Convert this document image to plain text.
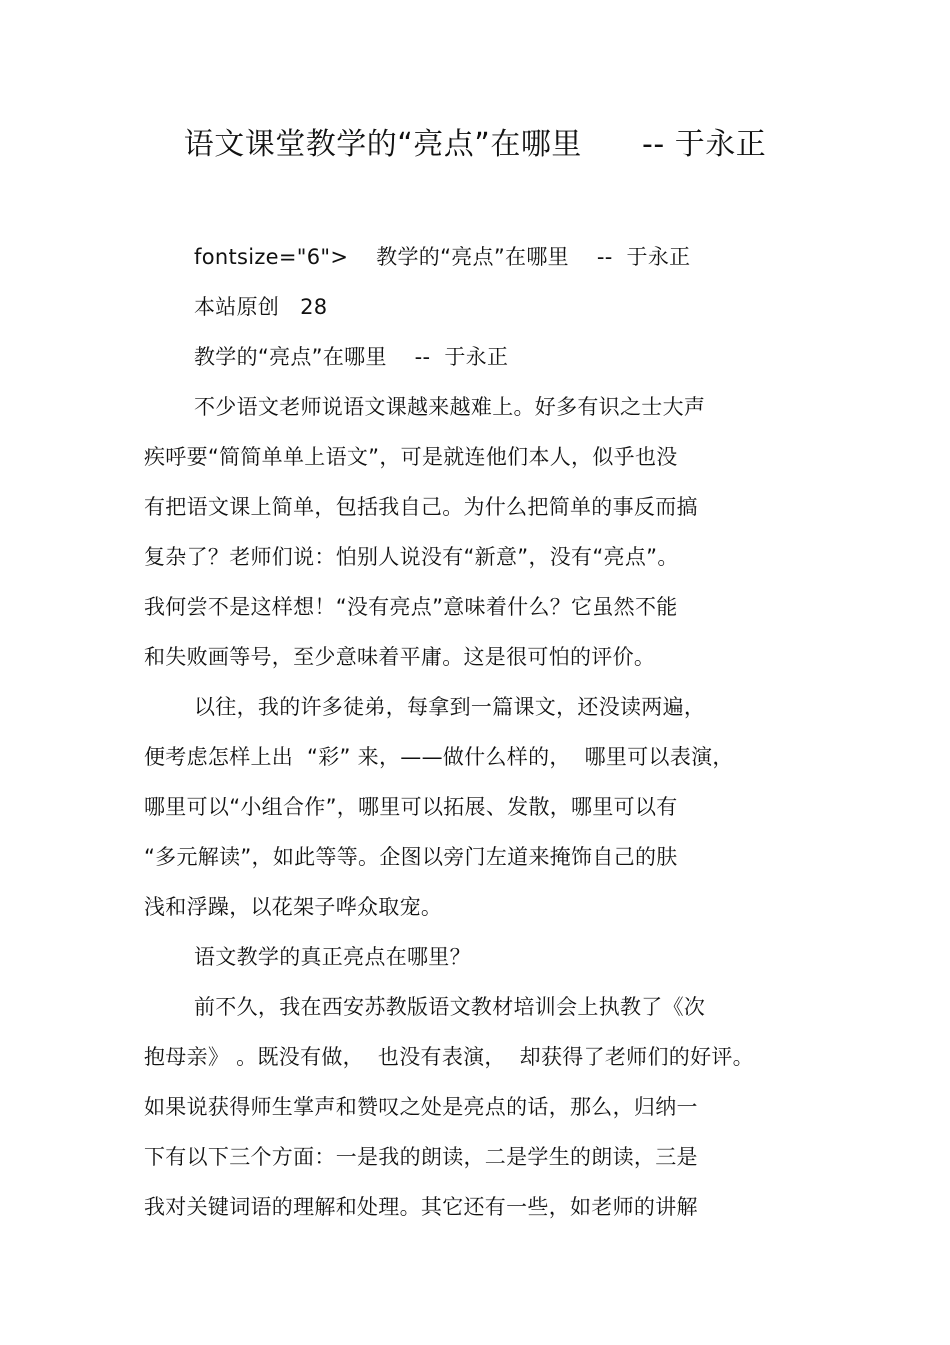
语文课堂教学的“亮点”在哪里      -- 于永正
fontsize="6">    教学的“亮点”在哪里    --  于永正
本站原创   28
教学的“亮点”在哪里    --  于永正
不少语文老师说语文课越来越难上。好多有识之士大声
疾呼要“简简单单上语文”，可是就连他们本人，似乎也没
有把语文课上简单，包括我自己。为什么把简单的事反而搞
复杂了？老师们说：怕别人说没有“新意”，没有“亮点”。
我何尝不是这样想！“没有亮点”意味着什么？它虽然不能
和失败画等号，至少意味着平庸。这是很可怕的评价。
以往，我的许多徒弟，每拿到一篇课文，还没读两遍，
便考虑怎样上出  “彩” 来，——做什么样的，  哪里可以表演，
哪里可以“小组合作”，哪里可以拓展、发散，哪里可以有
“多元解读”，如此等等。企图以旁门左道来掩饰自己的肤
浅和浮躁，以花架子哗众取宠。
语文教学的真正亮点在哪里？
前不久，我在西安苏教版语文教材培训会上执教了《次
抱母亲》 。既没有做，  也没有表演，  却获得了老师们的好评。
如果说获得师生掌声和赞叹之处是亮点的话，那么，归纳一
下有以下三个方面：一是我的朗读，二是学生的朗读，三是
我对关键词语的理解和处理。其它还有一些，如老师的讲解
